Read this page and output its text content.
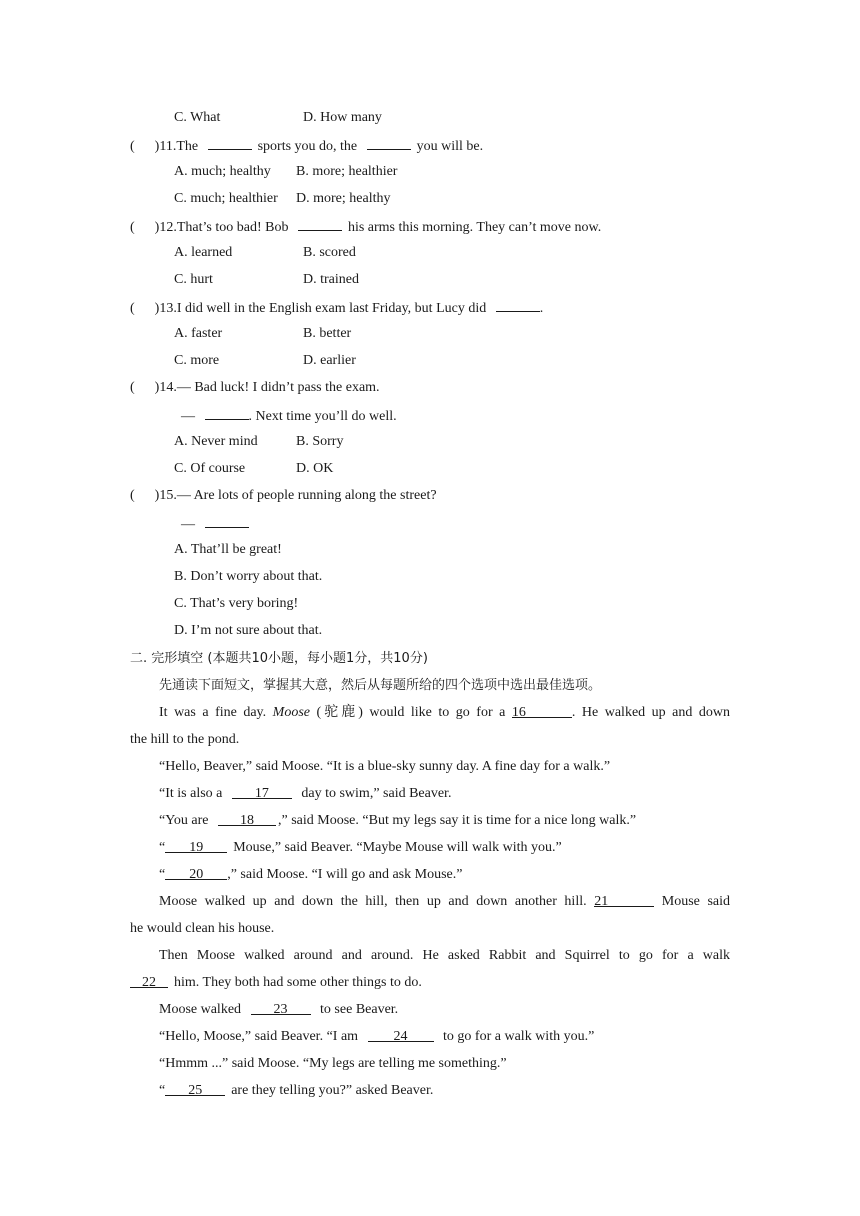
C. What	D. How many
( )11.The	sports you do, the	you will be.
A. much; healthy B. more; healthier
C. much; healthier D. more; healthy
( )12.That’s too bad! Bob	his arms this morning. They can’t move now.
A. learned	B. scored
C. hurt	D. trained
( )13.I did well in the English exam last Friday, but Lucy did	.
A. faster	B. better
C. more	D. earlier
( )14.— Bad luck! I didn’t pass the exam.
—	. Next time you’ll do well.
A. Never mind	B. Sorry
C. Of course	D. OK
( )15.— Are lots of people running along the street?
—
A. That’ll be great!
B. Don’t worry about that.
C. That’s very boring!
D. I’m not sure about that.
二. 完形填空 (本题共10小题，每小题1分，共10分)
先通读下面短文，掌握其大意，然后从每题所给的四个选项中选出最佳选项。
It was a fine day. Moose (驼鹿) would like to go for a 16	. He walked up and down
the hill to the pond.
“Hello, Beaver,” said Moose. “It is a blue-sky sunny day. A fine day for a walk.”
“It is also a 17 day to swim,” said Beaver.
“You are 18 ,” said Moose. “But my legs say it is time for a nice long walk.”
“ 19 Mouse,” said Beaver. “Maybe Mouse will walk with you.”
“ 20 ,” said Moose. “I will go and ask Mouse.”
Moose walked up and down the hill, then up and down another hill. 21	Mouse said
he would clean his house.
Then Moose walked around and around. He asked Rabbit and Squirrel to go for a walk
22 him. They both had some other things to do.
Moose walked 23 to see Beaver.
“Hello, Moose,” said Beaver. “I am	24	to go for a walk with you.”
“Hmmm ...” said Moose. “My legs are telling me something.”
“ 25 are they telling you?” asked Beaver.
